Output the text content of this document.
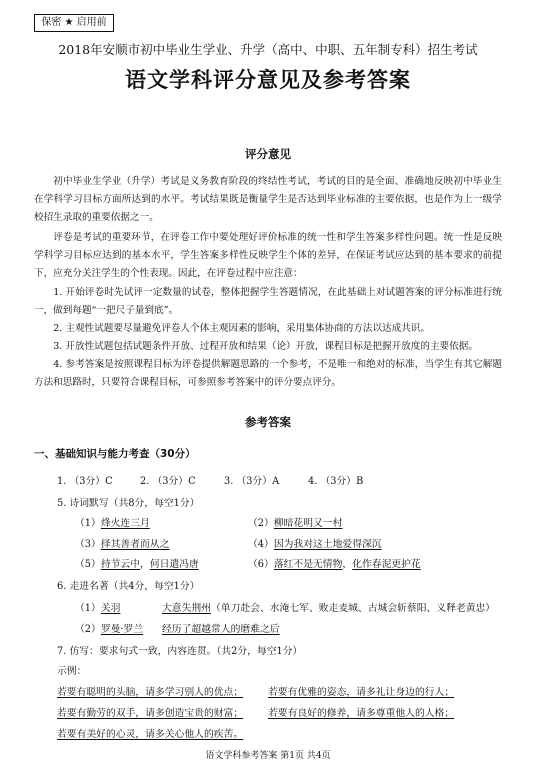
保密 ★ 启用前
2018年安顺市初中毕业生学业、升学（高中、中职、五年制专科）招生考试
语文学科评分意见及参考答案
评分意见
初中毕业生学业（升学）考试是义务教育阶段的终结性考试，考试的目的是全面、准确地反映初中毕业生在学科学习目标方面所达到的水平。考试结果既是衡量学生是否达到毕业标准的主要依据，也是作为上一级学校招生录取的重要依据之一。
评卷是考试的重要环节，在评卷工作中要处理好评价标准的统一性和学生答案多样性问题。统一性是反映学科学习目标应达到的基本水平，学生答案多样性反映学生个体的差异，在保证考试应达到的基本要求的前提下，应充分关注学生的个性表现。因此，在评卷过程中应注意：
1. 开始评卷时先试评一定数量的试卷，整体把握学生答题情况，在此基础上对试题答案的评分标准进行统一，做到每题“一把尺子量到底”。
2. 主观性试题要尽量避免评卷人个体主观因素的影响，采用集体协商的方法以达成共识。
3. 开放性试题包括试题条件开放、过程开放和结果（论）开放，课程目标是把握开放度的主要依据。
4. 参考答案是按照课程目标为评卷提供解题思路的一个参考，不是唯一和绝对的标准，当学生有其它解题方法和思路时，只要符合课程目标，可参照参考答案中的评分要点评分。
参考答案
一、基础知识与能力考查（30分）
1. （3分）C	2. （3分）C	3. （3分）A	4. （3分）B
5. 诗词默写（共8分，每空1分）
（1）烽火连三月	（2）柳暗花明又一村
（3）择其善者而从之	（4）因为我对这土地爱得深沉
（5）持节云中，何日遣冯唐	（6）落红不是无情物，化作春泥更护花
6. 走进名著（共4分，每空1分）
（1）关羽	大意失荆州（单刀赴会、水淹七军、败走麦城、古城会斩蔡阳、义释老黄忠）
（2）罗曼·罗兰 经历了超越常人的磨难之后
7. 仿写：要求句式一致，内容连贯。（共2分，每空1分）
示例：
若要有聪明的头脑，请多学习别人的优点；	若要有优雅的姿态，请多礼让身边的行人；
若要有勤劳的双手，请多创造宝贵的财富；	若要有良好的修养，请多尊重他人的人格；
若要有美好的心灵，请多关心他人的疾苦。
语文学科参考答案 第1页 共4页
